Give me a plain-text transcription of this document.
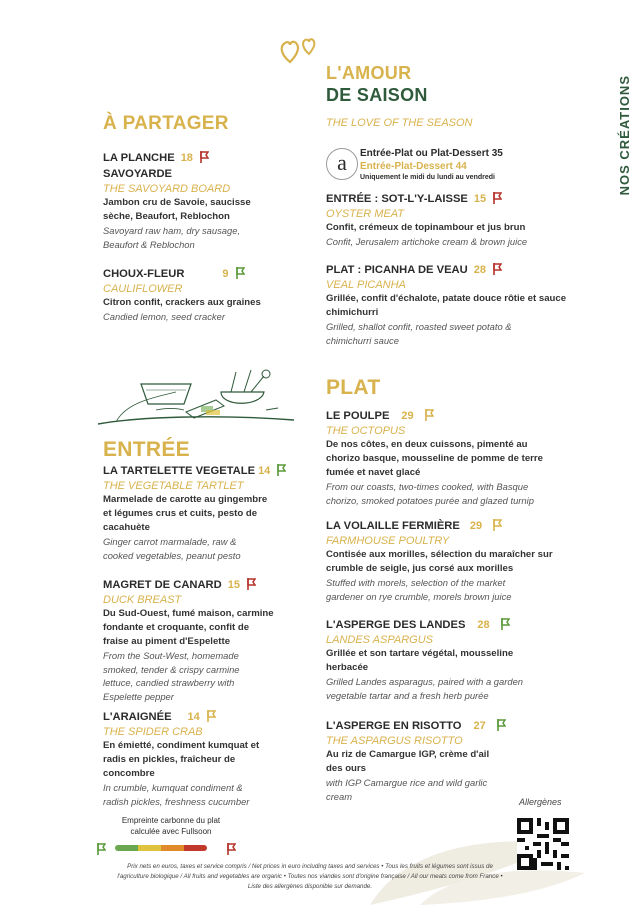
NOS CRÉATIONS
L'AMOUR
DE SAISON
THE LOVE OF THE SEASON
a	Entrée-Plat ou Plat-Dessert 35
Entrée-Plat-Dessert 44
Uniquement le midi du lundi au vendredi
ENTRÉE : SOT-L'Y-LAISSE 15
OYSTER MEAT
Confit, crémeux de topinambour et jus brun
Confit, Jerusalem artichoke cream & brown juice
PLAT : PICANHA DE VEAU 28
VEAL PICANHA
Grillée, confit d'échalote, patate douce rôtie et sauce
chimichurri
Grilled, shallot confit, roasted sweet potato &
chimichurri sauce
À PARTAGER
LA PLANCHE 18
SAVOYARDE
THE SAVOYARD BOARD
Jambon cru de Savoie, saucisse
sèche, Beaufort, Reblochon
Savoyard raw ham, dry sausage,
Beaufort & Reblochon
CHOUX-FLEUR	9
CAULIFLOWER
Citron confit, crackers aux graines
Candied lemon, seed cracker
ENTRÉE
LA TARTELETTE VEGETALE 14
THE VEGETABLE TARTLET
Marmelade de carotte au gingembre
et légumes crus et cuits, pesto de
cacahuète
Ginger carrot marmalade, raw &
cooked vegetables, peanut pesto
MAGRET DE CANARD 15
DUCK BREAST
Du Sud-Ouest, fumé maison, carmine
fondante et croquante, confit de
fraise au piment d'Espelette
From the Sout-West, homemade
smoked, tender & crispy carmine
lettuce, candied strawberry with
Espelette pepper
L'ARAIGNÉE 14
THE SPIDER CRAB
En émietté, condiment kumquat et
radis en pickles, fraîcheur de
concombre
In crumble, kumquat condiment &
radish pickles, freshness cucumber
Empreinte carbonne du plat
calculée avec Fullsoon
PLAT
LE POULPE 29
THE OCTOPUS
De nos côtes, en deux cuissons, pimenté au
chorizo basque, mousseline de pomme de terre
fumée et navet glacé
From our coasts, two-times cooked, with Basque
chorizo, smoked potatoes purée and glazed turnip
LA VOLAILLE FERMIÈRE 29
FARMHOUSE POULTRY
Contisée aux morilles, sélection du maraîcher sur
crumble de seigle, jus corsé aux morilles
Stuffed with morels, selection of the market
gardener on rye crumble, morels brown juice
L'ASPERGE DES LANDES 28
LANDES ASPARGUS
Grillée et son tartare végétal, mousseline
herbacée
Grilled Landes asparagus, paired with a garden
vegetable tartar and a fresh herb purée
L'ASPERGE EN RISOTTO 27
THE ASPARGUS RISOTTO
Au riz de Camargue IGP, crème d'ail
des ours
with IGP Camargue rice and wild garlic
cream
Allergènes
Prix nets en euros, taxes et service compris / Net prices in euro including taxes and services • Tous les fruits et légumes sont issus de
l'agriculture biologique / All fruits and vegetables are organic • Toutes nos viandes sont d'origine française / All our meats come from France •
Liste des allergènes disponible sur demande.
